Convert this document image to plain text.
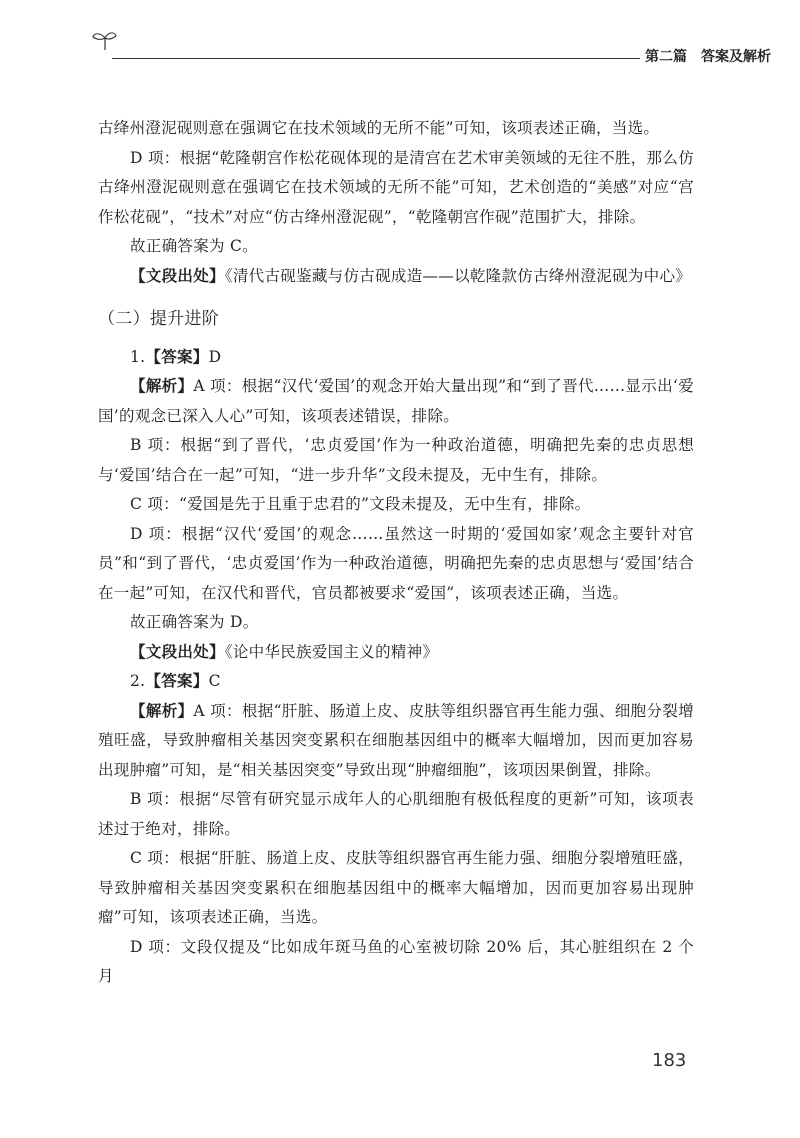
第二篇　答案及解析

古绛州澄泥砚则意在强调它在技术领域的无所不能”可知，该项表述正确，当选。

D 项：根据“乾隆朝宫作松花砚体现的是清宫在艺术审美领域的无往不胜，那么仿古绛州澄泥砚则意在强调它在技术领域的无所不能”可知，艺术创造的“美感”对应“宫作松花砚”，“技术”对应“仿古绛州澄泥砚”，“乾隆朝宫作砚”范围扩大，排除。

故正确答案为 C。

【文段出处】《清代古砚鉴藏与仿古砚成造——以乾隆款仿古绛州澄泥砚为中心》

（二）提升进阶

1.【答案】D

【解析】A 项：根据“汉代‘爱国’的观念开始大量出现”和“到了晋代……显示出‘爱国’的观念已深入人心”可知，该项表述错误，排除。

B 项：根据“到了晋代，‘忠贞爱国’作为一种政治道德，明确把先秦的忠贞思想与‘爱国’结合在一起”可知，“进一步升华”文段未提及，无中生有，排除。

C 项：“爱国是先于且重于忠君的”文段未提及，无中生有，排除。

D 项：根据“汉代‘爱国’的观念……虽然这一时期的‘爱国如家’观念主要针对官员”和“到了晋代，‘忠贞爱国’作为一种政治道德，明确把先秦的忠贞思想与‘爱国’结合在一起”可知，在汉代和晋代，官员都被要求“爱国”，该项表述正确，当选。

故正确答案为 D。

【文段出处】《论中华民族爱国主义的精神》

2.【答案】C

【解析】A 项：根据“肝脏、肠道上皮、皮肤等组织器官再生能力强、细胞分裂增殖旺盛，导致肿瘤相关基因突变累积在细胞基因组中的概率大幅增加，因而更加容易出现肿瘤”可知，是“相关基因突变”导致出现“肿瘤细胞”，该项因果倒置，排除。

B 项：根据“尽管有研究显示成年人的心肌细胞有极低程度的更新”可知，该项表述过于绝对，排除。

C 项：根据“肝脏、肠道上皮、皮肤等组织器官再生能力强、细胞分裂增殖旺盛，导致肿瘤相关基因突变累积在细胞基因组中的概率大幅增加，因而更加容易出现肿瘤”可知，该项表述正确，当选。

D 项：文段仅提及“比如成年斑马鱼的心室被切除 20% 后，其心脏组织在 2 个月

183
